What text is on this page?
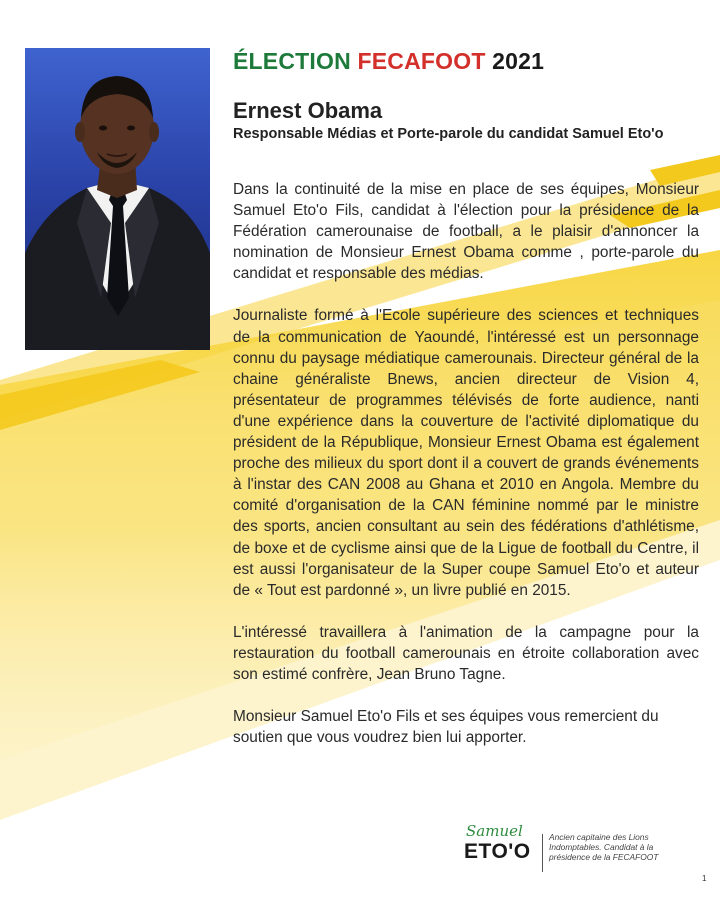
ÉLECTION FECAFOOT 2021
Ernest Obama
Responsable Médias et Porte-parole du candidat Samuel Eto'o

Dans la continuité de la mise en place de ses équipes, Monsieur Samuel Eto'o Fils, candidat à l'élection pour la présidence de la Fédération camerounaise de football, a le plaisir d'annoncer la nomination de Monsieur Ernest Obama comme , porte-parole du candidat et responsable des médias.

Journaliste formé à l'Ecole supérieure des sciences et techniques de la communication de Yaoundé, l'intéressé est un personnage connu du paysage médiatique camerounais. Directeur général de la chaine généraliste Bnews, ancien directeur de Vision 4, présentateur de programmes télévisés de forte audience, nanti d'une expérience dans la couverture de l'activité diplomatique du président de la République, Monsieur Ernest Obama est également proche des milieux du sport dont il a couvert de grands événements à l'instar des CAN 2008 au Ghana et 2010 en Angola. Membre du comité d'organisation de la CAN féminine nommé par le ministre des sports, ancien consultant au sein des fédérations d'athlétisme, de boxe et de cyclisme ainsi que de la Ligue de football du Centre, il est aussi l'organisateur de la Super coupe Samuel Eto'o et auteur de « Tout est pardonné », un livre publié en 2015.

L'intéressé travaillera à l'animation de la campagne pour la restauration du football camerounais en étroite collaboration avec son estimé confrère, Jean Bruno Tagne.

Monsieur Samuel Eto'o Fils et ses équipes vous remercient du soutien que vous voudrez bien lui apporter.

Samuel
ETO'O
Ancien capitaine des Lions Indomptables. Candidat à la présidence de la FECAFOOT
1
